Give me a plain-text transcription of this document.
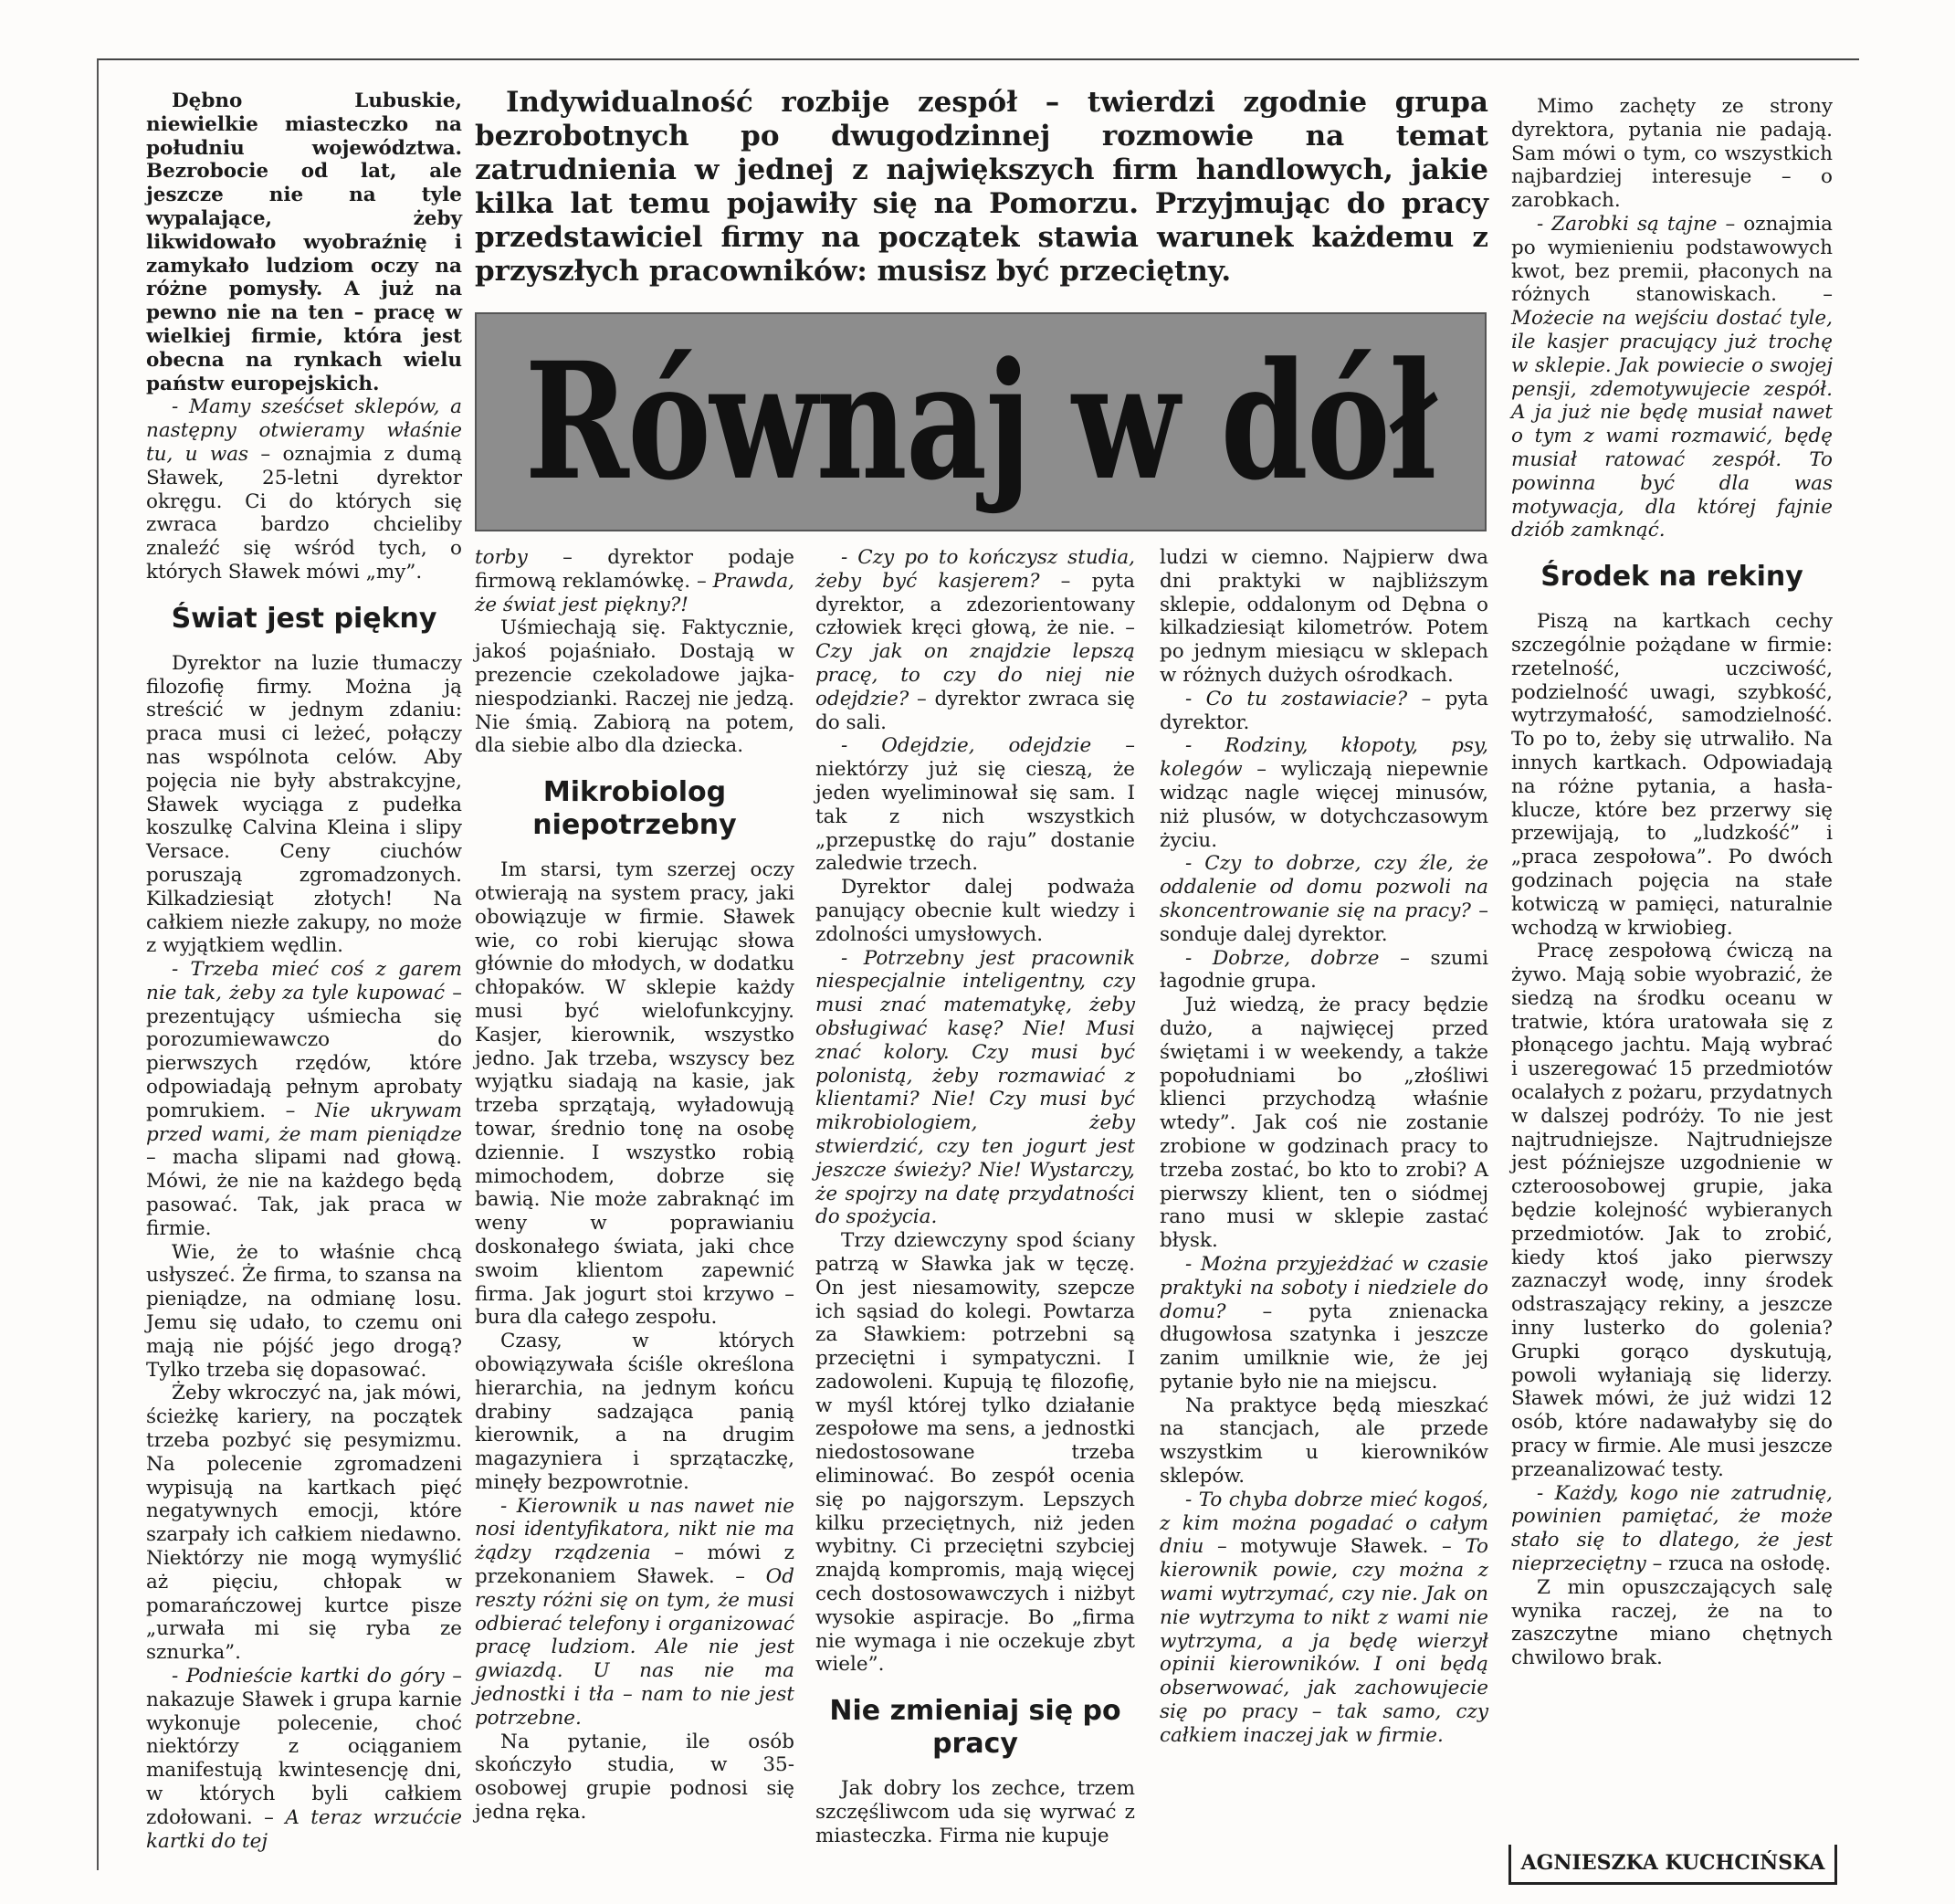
Dębno Lubuskie, niewielkie miasteczko na południu województwa. Bezrobocie od lat, ale jeszcze nie na tyle wypalające, żeby likwidowało wyobraźnię i zamykało ludziom oczy na różne pomysły. A już na pewno nie na ten – pracę w wielkiej firmie, która jest obecna na rynkach wielu państw europejskich.

- Mamy sześćset sklepów, a następny otwieramy właśnie tu, u was – oznajmia z dumą Sławek, 25-letni dyrektor okręgu. Ci do których się zwraca bardzo chcieliby znaleźć się wśród tych, o których Sławek mówi „my”.

Świat jest piękny

Dyrektor na luzie tłumaczy filozofię firmy. Można ją streścić w jednym zdaniu: praca musi ci leżeć, połączy nas wspólnota celów. Aby pojęcia nie były abstrakcyjne, Sławek wyciąga z pudełka koszulkę Calvina Kleina i slipy Versace. Ceny ciuchów poruszają zgromadzonych. Kilkadziesiąt złotych! Na całkiem niezłe zakupy, no może z wyjątkiem wędlin.

- Trzeba mieć coś z garem nie tak, żeby za tyle kupować – prezentujący uśmiecha się porozumiewawczo do pierwszych rzędów, które odpowiadają pełnym aprobaty pomrukiem. – Nie ukrywam przed wami, że mam pieniądze – macha slipami nad głową. Mówi, że nie na każdego będą pasować. Tak, jak praca w firmie.

Wie, że to właśnie chcą usłyszeć. Że firma, to szansa na pieniądze, na odmianę losu. Jemu się udało, to czemu oni mają nie pójść jego drogą? Tylko trzeba się dopasować.

Żeby wkroczyć na, jak mówi, ścieżkę kariery, na początek trzeba pozbyć się pesymizmu. Na polecenie zgromadzeni wypisują na kartkach pięć negatywnych emocji, które szarpały ich całkiem niedawno. Niektórzy nie mogą wymyślić aż pięciu, chłopak w pomarańczowej kurtce pisze „urwała mi się ryba ze sznurka”.

- Podnieście kartki do góry – nakazuje Sławek i grupa karnie wykonuje polecenie, choć niektórzy z ociąganiem manifestują kwintesencję dni, w których byli całkiem zdołowani. – A teraz wrzućcie kartki do tej

Indywidualność rozbije zespół – twierdzi zgodnie grupa bezrobotnych po dwugodzinnej rozmowie na temat zatrudnienia w jednej z największych firm handlowych, jakie kilka lat temu pojawiły się na Pomorzu. Przyjmując do pracy przedstawiciel firmy na początek stawia warunek każdemu z przyszłych pracowników: musisz być przeciętny.

Równaj w dół

torby – dyrektor podaje firmową reklamówkę. – Prawda, że świat jest piękny?!

Uśmiechają się. Faktycznie, jakoś pojaśniało. Dostają w prezencie czekoladowe jajka-niespodzianki. Raczej nie jedzą. Nie śmią. Zabiorą na potem, dla siebie albo dla dziecka.

Mikrobiolog niepotrzebny

Im starsi, tym szerzej oczy otwierają na system pracy, jaki obowiązuje w firmie. Sławek wie, co robi kierując słowa głównie do młodych, w dodatku chłopaków. W sklepie każdy musi być wielofunkcyjny. Kasjer, kierownik, wszystko jedno. Jak trzeba, wszyscy bez wyjątku siadają na kasie, jak trzeba sprzątają, wyładowują towar, średnio tonę na osobę dziennie. I wszystko robią mimochodem, dobrze się bawią. Nie może zabraknąć im weny w poprawianiu doskonałego świata, jaki chce swoim klientom zapewnić firma. Jak jogurt stoi krzywo – bura dla całego zespołu.

Czasy, w których obowiązywała ściśle określona hierarchia, na jednym końcu drabiny sadzająca panią kierownik, a na drugim magazyniera i sprzątaczkę, minęły bezpowrotnie.

- Kierownik u nas nawet nie nosi identyfikatora, nikt nie ma żądzy rządzenia – mówi z przekonaniem Sławek. – Od reszty różni się on tym, że musi odbierać telefony i organizować pracę ludziom. Ale nie jest gwiazdą. U nas nie ma jednostki i tła – nam to nie jest potrzebne.

Na pytanie, ile osób skończyło studia, w 35-osobowej grupie podnosi się jedna ręka.

- Czy po to kończysz studia, żeby być kasjerem? – pyta dyrektor, a zdezorientowany człowiek kręci głową, że nie. – Czy jak on znajdzie lepszą pracę, to czy do niej nie odejdzie? – dyrektor zwraca się do sali.

- Odejdzie, odejdzie – niektórzy już się cieszą, że jeden wyeliminował się sam. I tak z nich wszystkich „przepustkę do raju” dostanie zaledwie trzech.

Dyrektor dalej podważa panujący obecnie kult wiedzy i zdolności umysłowych.

- Potrzebny jest pracownik niespecjalnie inteligentny, czy musi znać matematykę, żeby obsługiwać kasę? Nie! Musi znać kolory. Czy musi być polonistą, żeby rozmawiać z klientami? Nie! Czy musi być mikrobiologiem, żeby stwierdzić, czy ten jogurt jest jeszcze świeży? Nie! Wystarczy, że spojrzy na datę przydatności do spożycia.

Trzy dziewczyny spod ściany patrzą w Sławka jak w tęczę. On jest niesamowity, szepcze ich sąsiad do kolegi. Powtarza za Sławkiem: potrzebni są przeciętni i sympatyczni. I zadowoleni. Kupują tę filozofię, w myśl której tylko działanie zespołowe ma sens, a jednostki niedostosowane trzeba eliminować. Bo zespół ocenia się po najgorszym. Lepszych kilku przeciętnych, niż jeden wybitny. Ci przeciętni szybciej znajdą kompromis, mają więcej cech dostosowawczych i niżbyt wysokie aspiracje. Bo „firma nie wymaga i nie oczekuje zbyt wiele”.

Nie zmieniaj się po pracy

Jak dobry los zechce, trzem szczęśliwcom uda się wyrwać z miasteczka. Firma nie kupuje

ludzi w ciemno. Najpierw dwa dni praktyki w najbliższym sklepie, oddalonym od Dębna o kilkadziesiąt kilometrów. Potem po jednym miesiącu w sklepach w różnych dużych ośrodkach.

- Co tu zostawiacie? – pyta dyrektor.

- Rodziny, kłopoty, psy, kolegów – wyliczają niepewnie widząc nagle więcej minusów, niż plusów, w dotychczasowym życiu.

- Czy to dobrze, czy źle, że oddalenie od domu pozwoli na skoncentrowanie się na pracy? – sonduje dalej dyrektor.

- Dobrze, dobrze – szumi łagodnie grupa.

Już wiedzą, że pracy będzie dużo, a najwięcej przed świętami i w weekendy, a także popołudniami bo „złośliwi klienci przychodzą właśnie wtedy”. Jak coś nie zostanie zrobione w godzinach pracy to trzeba zostać, bo kto to zrobi? A pierwszy klient, ten o siódmej rano musi w sklepie zastać błysk.

- Można przyjeżdżać w czasie praktyki na soboty i niedziele do domu? – pyta znienacka długowłosa szatynka i jeszcze zanim umilknie wie, że jej pytanie było nie na miejscu.

Na praktyce będą mieszkać na stancjach, ale przede wszystkim u kierowników sklepów.

- To chyba dobrze mieć kogoś, z kim można pogadać o całym dniu – motywuje Sławek. – To kierownik powie, czy można z wami wytrzymać, czy nie. Jak on nie wytrzyma to nikt z wami nie wytrzyma, a ja będę wierzył opinii kierowników. I oni będą obserwować, jak zachowujecie się po pracy – tak samo, czy całkiem inaczej jak w firmie.

Mimo zachęty ze strony dyrektora, pytania nie padają. Sam mówi o tym, co wszystkich najbardziej interesuje – o zarobkach.

- Zarobki są tajne – oznajmia po wymienieniu podstawowych kwot, bez premii, płaconych na różnych stanowiskach. – Możecie na wejściu dostać tyle, ile kasjer pracujący już trochę w sklepie. Jak powiecie o swojej pensji, zdemotywujecie zespół. A ja już nie będę musiał nawet o tym z wami rozmawić, będę musiał ratować zespół. To powinna być dla was motywacja, dla której fajnie dziób zamknąć.

Środek na rekiny

Piszą na kartkach cechy szczególnie pożądane w firmie: rzetelność, uczciwość, podzielność uwagi, szybkość, wytrzymałość, samodzielność. To po to, żeby się utrwaliło. Na innych kartkach. Odpowiadają na różne pytania, a hasła-klucze, które bez przerwy się przewijają, to „ludzkość” i „praca zespołowa”. Po dwóch godzinach pojęcia na stałe kotwiczą w pamięci, naturalnie wchodzą w krwiobieg.

Pracę zespołową ćwiczą na żywo. Mają sobie wyobrazić, że siedzą na środku oceanu w tratwie, która uratowała się z płonącego jachtu. Mają wybrać i uszeregować 15 przedmiotów ocalałych z pożaru, przydatnych w dalszej podróży. To nie jest najtrudniejsze. Najtrudniejsze jest późniejsze uzgodnienie w czteroosobowej grupie, jaka będzie kolejność wybieranych przedmiotów. Jak to zrobić, kiedy ktoś jako pierwszy zaznaczył wodę, inny środek odstraszający rekiny, a jeszcze inny lusterko do golenia? Grupki gorąco dyskutują, powoli wyłaniają się liderzy. Sławek mówi, że już widzi 12 osób, które nadawałyby się do pracy w firmie. Ale musi jeszcze przeanalizować testy.

- Każdy, kogo nie zatrudnię, powinien pamiętać, że może stało się to dlatego, że jest nieprzeciętny – rzuca na osłodę.

Z min opuszczających salę wynika raczej, że na to zaszczytne miano chętnych chwilowo brak.

AGNIESZKA KUCHCIŃSKA
